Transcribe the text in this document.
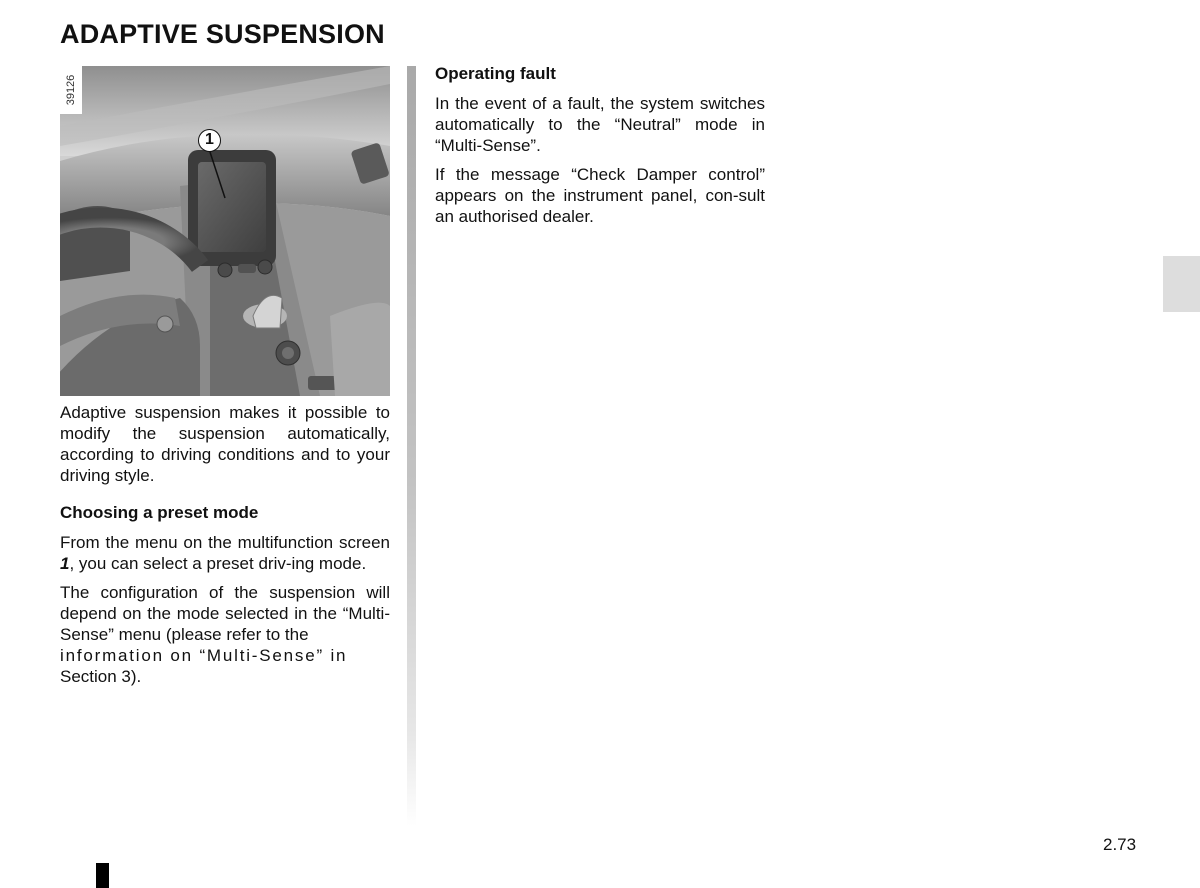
ADAPTIVE SUSPENSION
39126
1

Adaptive suspension makes it possible to modify the suspension automatically, according to driving conditions and to your driving style.

Choosing a preset mode

From the menu on the multifunction screen 1, you can select a preset driv-ing mode.

The configuration of the suspension will depend on the mode selected in the “Multi-Sense” menu (please refer to the
information on “Multi-Sense” in
Section 3).

Operating fault

In the event of a fault, the system switches automatically to the “Neutral” mode in “Multi-Sense”.

If the message “Check Damper control” appears on the instrument panel, con-sult an authorised dealer.

2.73
